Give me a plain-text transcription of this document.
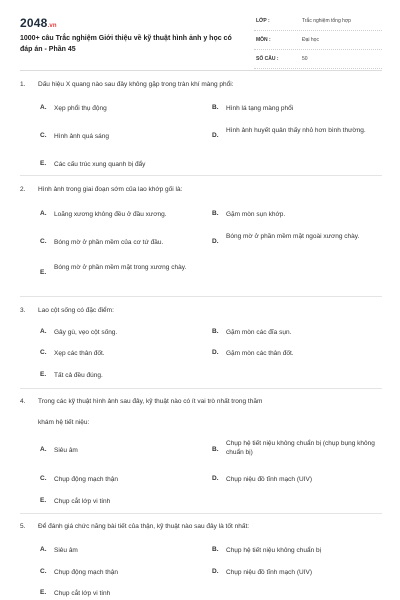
2048.vn
1000+ câu Trắc nghiệm Giới thiệu về kỹ thuật hình ảnh y học có đáp án - Phần 45
LỚP :	Trắc nghiệm tổng hợp
MÔN :	Đại học
SỐ CÂU :	50
1. Dấu hiệu X quang nào sau đây không gặp trong tràn khí màng phổi:
A. Xẹp phổi thụ động	B. Hình lá tạng màng phổi
C. Hình ảnh quá sáng	D.
Hình ảnh huyết quản thấy nhỏ hơn bình thường.
E. Các cấu trúc xung quanh bị đẩy
2. Hình ảnh trong giai đoạn sớm của lao khớp gối là:
A. Loãng xương không đều ở đầu xương.	B. Gặm mòn sụn khớp.
C. Bóng mờ ở phần mềm của cơ tứ đầu.	D.
Bóng mờ ở phần mềm mặt ngoài xương chày.
E.
Bóng mờ ở phần mềm mặt trong xương chày.
3. Lao cột sống có đặc điểm:
A. Gây gù, vẹo cột sống.	B. Gặm mòn các đĩa sụn.
C. Xẹp các thân đốt.	D. Gặm mòn các thân đốt.
E. Tất cả đều đúng.
4. Trong các kỹ thuật hình ảnh sau đây, kỹ thuật nào có ít vai trò nhất trong thăm
khám hệ tiết niệu:
A. Siêu âm	B.
Chụp hệ tiết niệu không chuẩn bị (chụp bụng không chuẩn bị)
C. Chụp động mạch thận	D. Chụp niệu đồ tĩnh mạch (UIV)
E. Chụp cắt lớp vi tính
5. Để đánh giá chức năng bài tiết của thận, kỹ thuật nào sau đây là tốt nhất:
A. Siêu âm	B. Chụp hệ tiết niệu không chuẩn bị
C. Chụp động mạch thận	D. Chụp niệu đồ tĩnh mạch (UIV)
E. Chụp cắt lớp vi tính
